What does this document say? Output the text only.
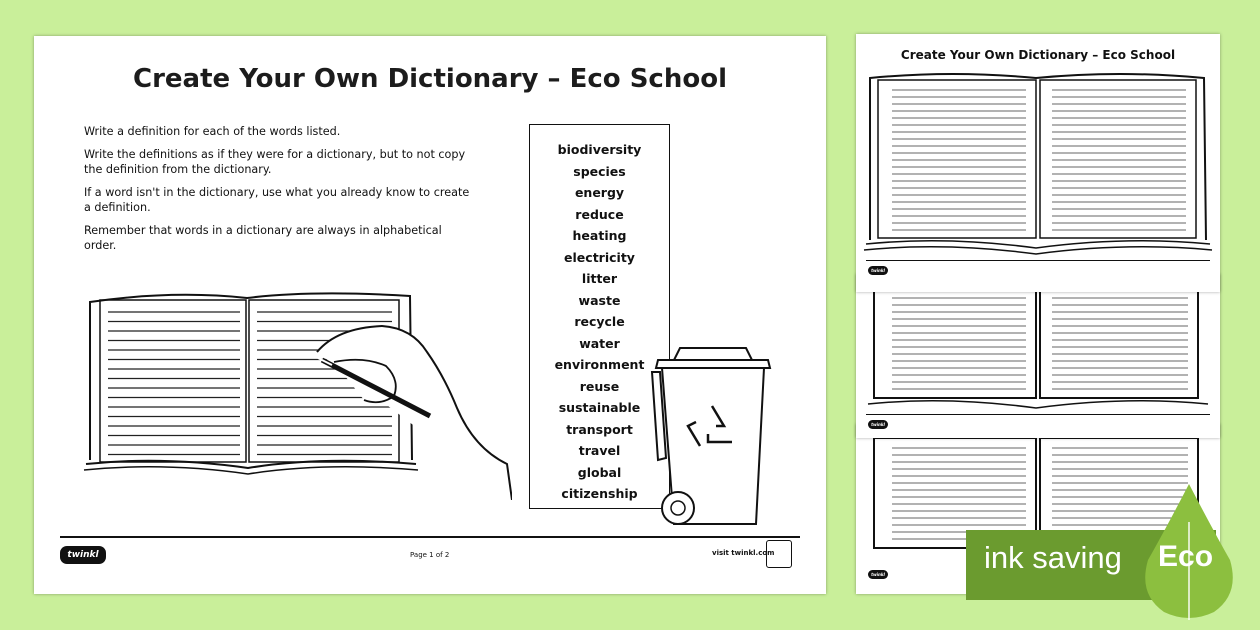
Create Your Own Dictionary – Eco School

Write a definition for each of the words listed.

Write the definitions as if they were for a dictionary, but to not copy the definition from the dictionary.

If a word isn't in the dictionary, use what you already know to create a definition.

Remember that words in a dictionary are always in alphabetical order.

biodiversity
species
energy
reduce
heating
electricity
litter
waste
recycle
water
environment
reuse
sustainable
transport
travel
global
citizenship
twinkl	Page 1 of 2	visit twinkl.com
twinkl
twinkl
Create Your Own Dictionary – Eco School
twinkl
ink saving Eco
